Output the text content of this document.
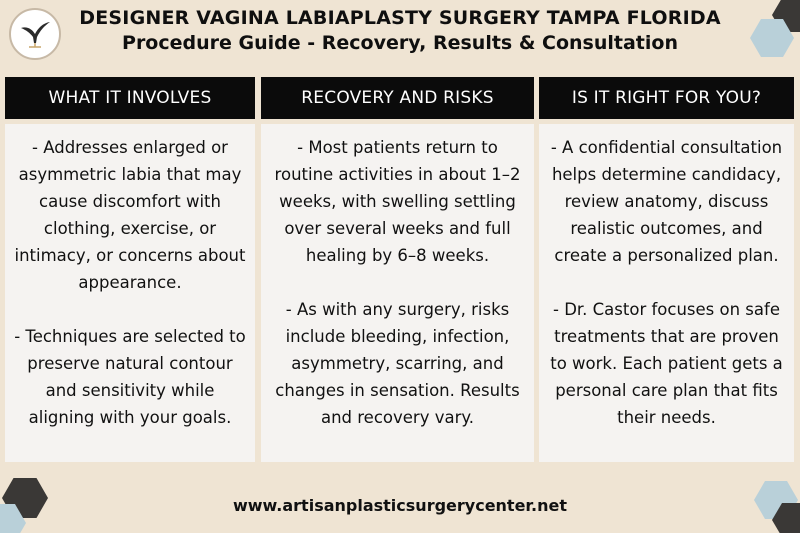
DESIGNER VAGINA LABIAPLASTY SURGERY TAMPA FLORIDA
Procedure Guide - Recovery, Results & Consultation
WHAT IT INVOLVES	RECOVERY AND RISKS	IS IT RIGHT FOR YOU?

- Addresses enlarged or asymmetric labia that may cause discomfort with clothing, exercise, or intimacy, or concerns about appearance.

- Techniques are selected to preserve natural contour and sensitivity while aligning with your goals.

- Most patients return to routine activities in about 1–2 weeks, with swelling settling over several weeks and full healing by 6–8 weeks.

- As with any surgery, risks include bleeding, infection, asymmetry, scarring, and changes in sensation. Results and recovery vary.

- A confidential consultation helps determine candidacy, review anatomy, discuss realistic outcomes, and create a personalized plan.

- Dr. Castor focuses on safe treatments that are proven to work. Each patient gets a personal care plan that fits their needs.

www.artisanplasticsurgerycenter.net
